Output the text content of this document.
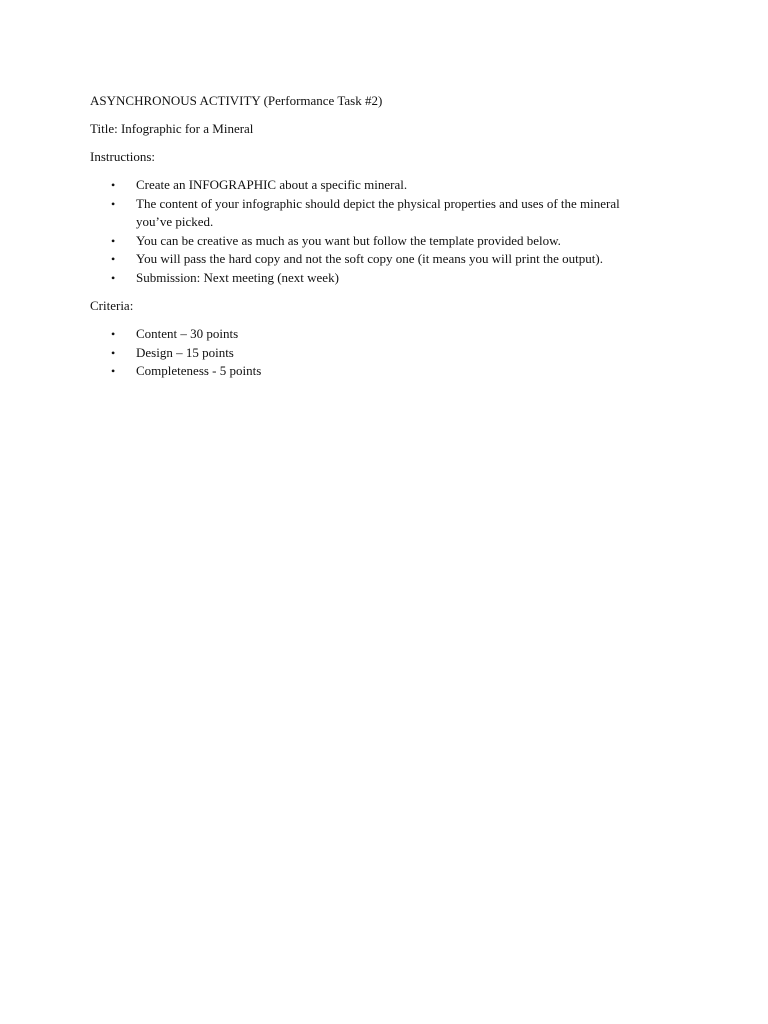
ASYNCHRONOUS ACTIVITY (Performance Task #2)

Title: Infographic for a Mineral

Instructions:

• Create an INFOGRAPHIC about a specific mineral.
• The content of your infographic should depict the physical properties and uses of the mineral you’ve picked.
• You can be creative as much as you want but follow the template provided below.
• You will pass the hard copy and not the soft copy one (it means you will print the output).
• Submission: Next meeting (next week)

Criteria:

• Content – 30 points
• Design – 15 points
• Completeness - 5 points
